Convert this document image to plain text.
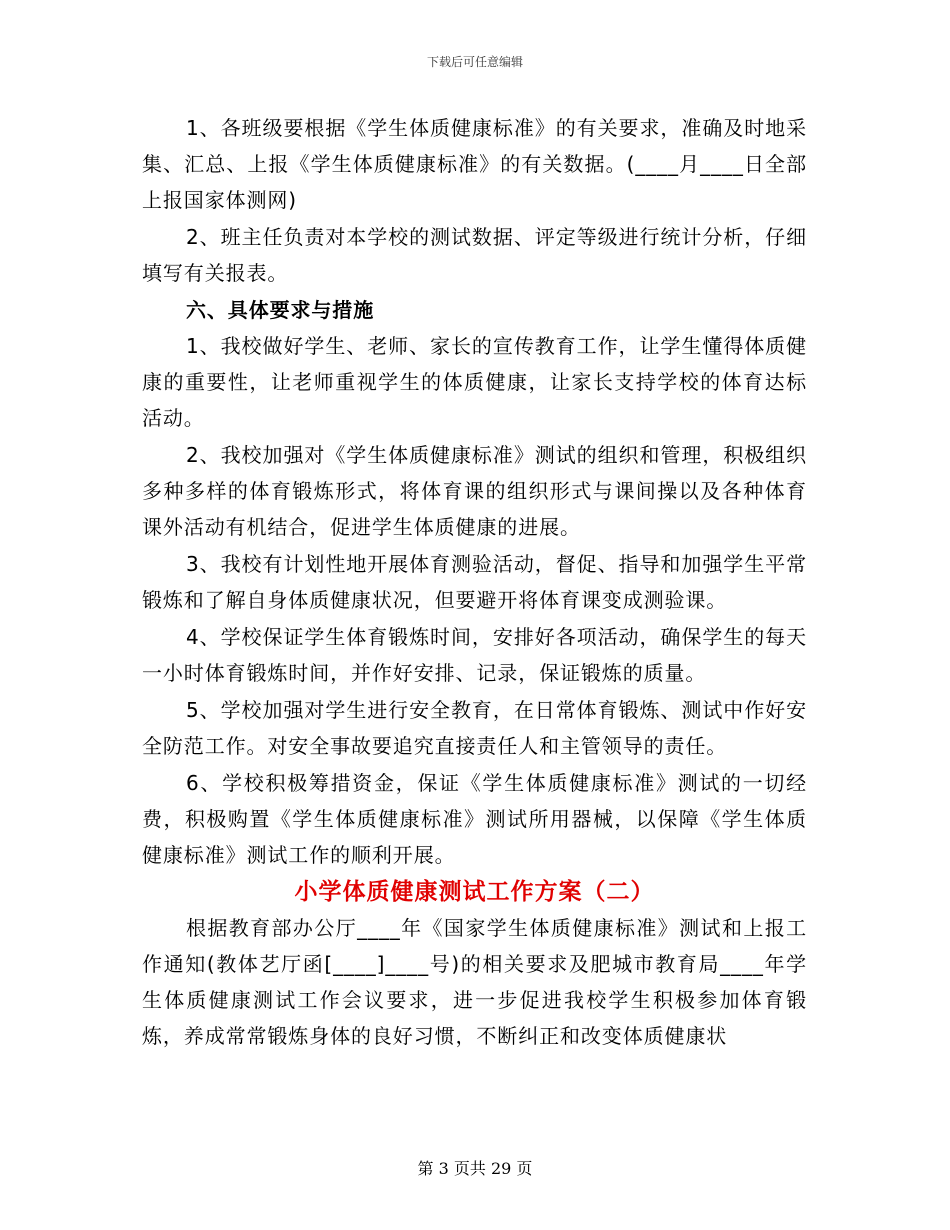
下载后可任意编辑

1、各班级要根据《学生体质健康标准》的有关要求，准确及时地采集、汇总、上报《学生体质健康标准》的有关数据。(____月____日全部上报国家体测网)

2、班主任负责对本学校的测试数据、评定等级进行统计分析，仔细填写有关报表。

六、具体要求与措施

1、我校做好学生、老师、家长的宣传教育工作，让学生懂得体质健康的重要性，让老师重视学生的体质健康，让家长支持学校的体育达标活动。

2、我校加强对《学生体质健康标准》测试的组织和管理，积极组织多种多样的体育锻炼形式，将体育课的组织形式与课间操以及各种体育课外活动有机结合，促进学生体质健康的进展。

3、我校有计划性地开展体育测验活动，督促、指导和加强学生平常锻炼和了解自身体质健康状况，但要避开将体育课变成测验课。

4、学校保证学生体育锻炼时间，安排好各项活动，确保学生的每天一小时体育锻炼时间，并作好安排、记录，保证锻炼的质量。

5、学校加强对学生进行安全教育，在日常体育锻炼、测试中作好安全防范工作。对安全事故要追究直接责任人和主管领导的责任。

6、学校积极筹措资金，保证《学生体质健康标准》测试的一切经费，积极购置《学生体质健康标准》测试所用器械，以保障《学生体质健康标准》测试工作的顺利开展。

小学体质健康测试工作方案（二）

根据教育部办公厅____年《国家学生体质健康标准》测试和上报工作通知(教体艺厅函[____]____号)的相关要求及肥城市教育局____年学生体质健康测试工作会议要求，进一步促进我校学生积极参加体育锻炼，养成常常锻炼身体的良好习惯，不断纠正和改变体质健康状

第 3 页共 29 页
